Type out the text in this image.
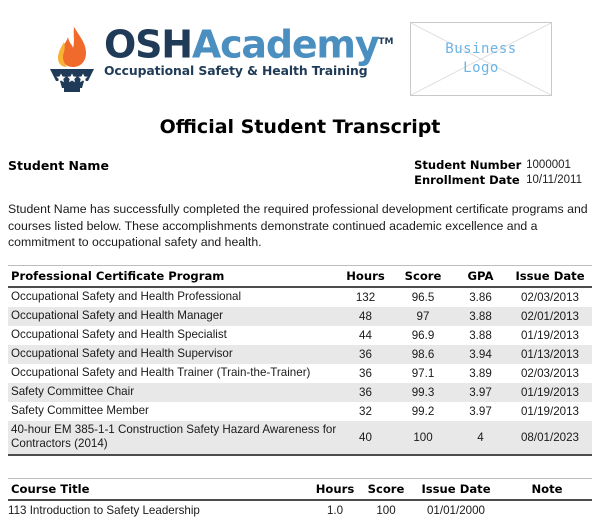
OSHAcademy™
Occupational Safety & Health Training
Business
Logo
Official Student Transcript
Student Name	Student Number 1000001
Enrollment Date 10/11/2011
Student Name has successfully completed the required professional development certificate programs and courses listed below. These accomplishments demonstrate continued academic excellence and a commitment to occupational safety and health.
Professional Certificate Program	Hours	Score	GPA	Issue Date
Occupational Safety and Health Professional	132	96.5	3.86	02/03/2013
Occupational Safety and Health Manager	48	97	3.88	02/01/2013
Occupational Safety and Health Specialist	44	96.9	3.88	01/19/2013
Occupational Safety and Health Supervisor	36	98.6	3.94	01/13/2013
Occupational Safety and Health Trainer (Train-the-Trainer)	36	97.1	3.89	02/03/2013
Safety Committee Chair	36	99.3	3.97	01/19/2013
Safety Committee Member	32	99.2	3.97	01/19/2013
40-hour EM 385-1-1 Construction Safety Hazard Awareness for Contractors (2014)	40	100	4	08/01/2023
Course Title	Hours	Score	Issue Date	Note
113 Introduction to Safety Leadership	1.0	100	01/01/2000	
